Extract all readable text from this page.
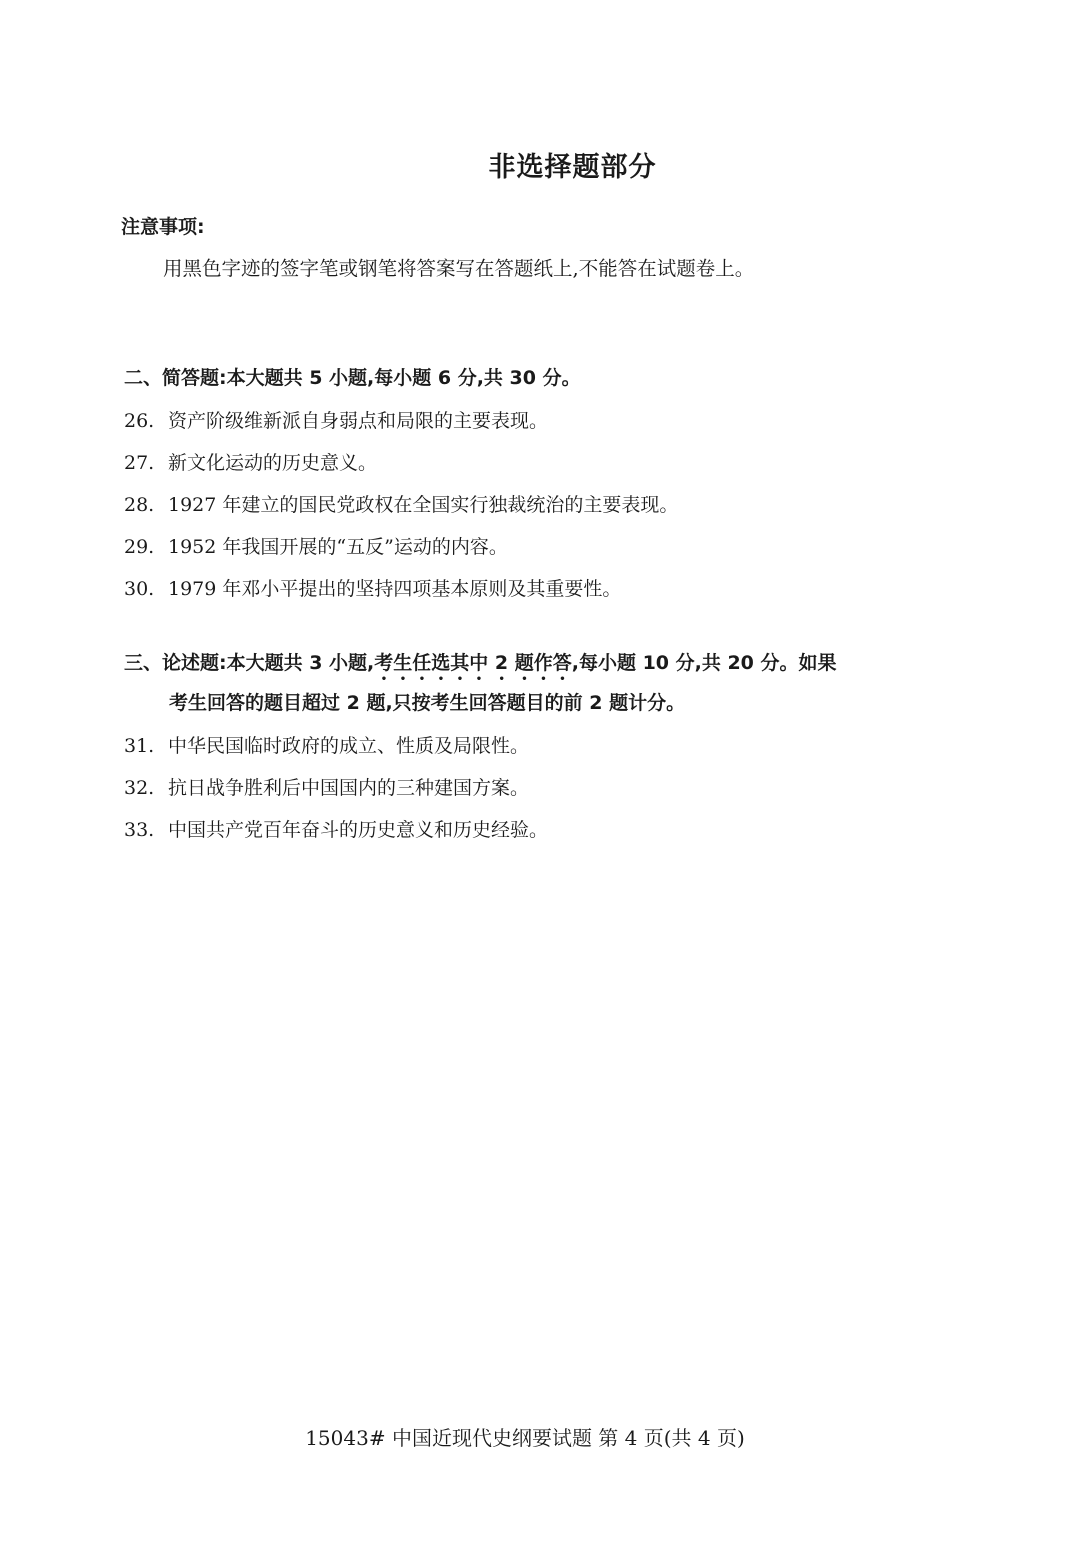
非选择题部分
注意事项:
用黑色字迹的签字笔或钢笔将答案写在答题纸上,不能答在试题卷上。
二、简答题:本大题共 5 小题,每小题 6 分,共 30 分。
26. 资产阶级维新派自身弱点和局限的主要表现。
27. 新文化运动的历史意义。
28. 1927 年建立的国民党政权在全国实行独裁统治的主要表现。
29. 1952 年我国开展的“五反”运动的内容。
30. 1979 年邓小平提出的坚持四项基本原则及其重要性。
三、论述题:本大题共 3 小题,考生任选其中 2 题作答,每小题 10 分,共 20 分。如果
考生回答的题目超过 2 题,只按考生回答题目的前 2 题计分。
31. 中华民国临时政府的成立、性质及局限性。
32. 抗日战争胜利后中国国内的三种建国方案。
33. 中国共产党百年奋斗的历史意义和历史经验。
15043# 中国近现代史纲要试题 第 4 页(共 4 页)
